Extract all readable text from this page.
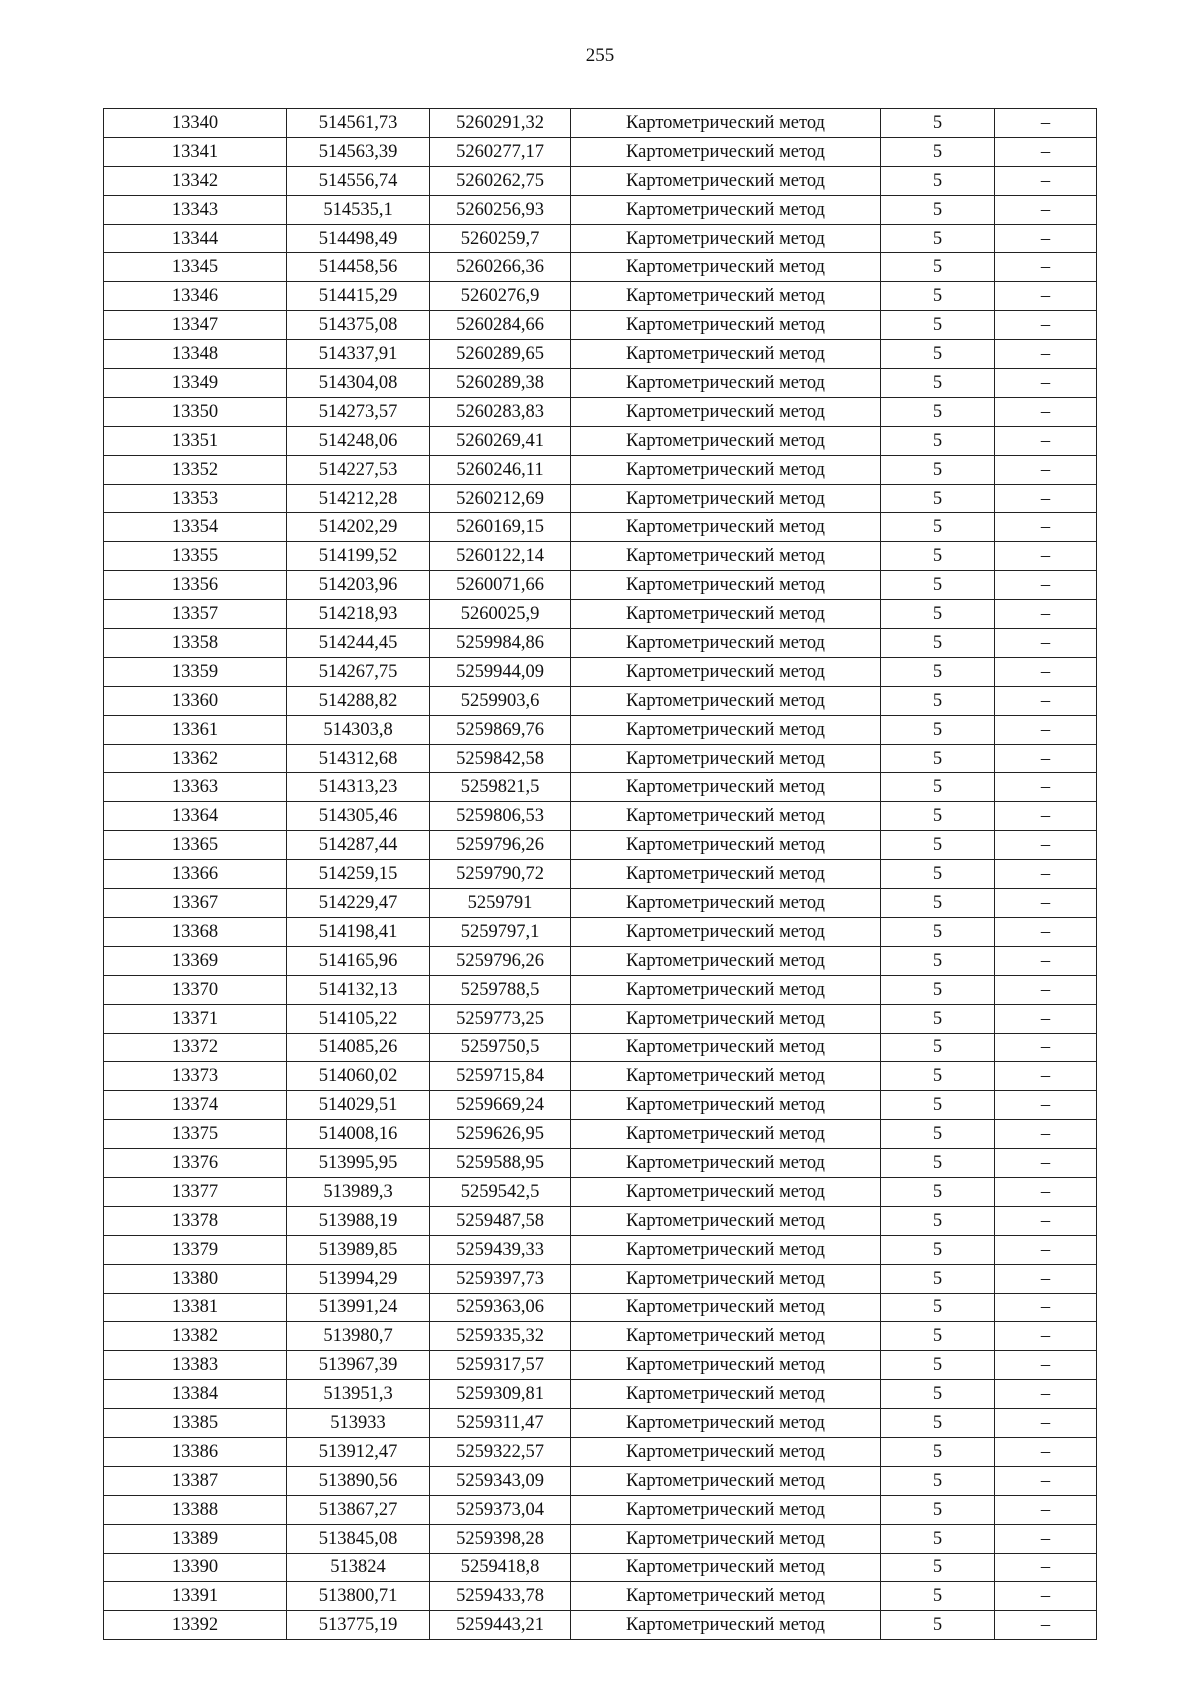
255
13340	514561,73	5260291,32	Картометрический метод	5	–
13341	514563,39	5260277,17	Картометрический метод	5	–
13342	514556,74	5260262,75	Картометрический метод	5	–
13343	514535,1	5260256,93	Картометрический метод	5	–
13344	514498,49	5260259,7	Картометрический метод	5	–
13345	514458,56	5260266,36	Картометрический метод	5	–
13346	514415,29	5260276,9	Картометрический метод	5	–
13347	514375,08	5260284,66	Картометрический метод	5	–
13348	514337,91	5260289,65	Картометрический метод	5	–
13349	514304,08	5260289,38	Картометрический метод	5	–
13350	514273,57	5260283,83	Картометрический метод	5	–
13351	514248,06	5260269,41	Картометрический метод	5	–
13352	514227,53	5260246,11	Картометрический метод	5	–
13353	514212,28	5260212,69	Картометрический метод	5	–
13354	514202,29	5260169,15	Картометрический метод	5	–
13355	514199,52	5260122,14	Картометрический метод	5	–
13356	514203,96	5260071,66	Картометрический метод	5	–
13357	514218,93	5260025,9	Картометрический метод	5	–
13358	514244,45	5259984,86	Картометрический метод	5	–
13359	514267,75	5259944,09	Картометрический метод	5	–
13360	514288,82	5259903,6	Картометрический метод	5	–
13361	514303,8	5259869,76	Картометрический метод	5	–
13362	514312,68	5259842,58	Картометрический метод	5	–
13363	514313,23	5259821,5	Картометрический метод	5	–
13364	514305,46	5259806,53	Картометрический метод	5	–
13365	514287,44	5259796,26	Картометрический метод	5	–
13366	514259,15	5259790,72	Картометрический метод	5	–
13367	514229,47	5259791	Картометрический метод	5	–
13368	514198,41	5259797,1	Картометрический метод	5	–
13369	514165,96	5259796,26	Картометрический метод	5	–
13370	514132,13	5259788,5	Картометрический метод	5	–
13371	514105,22	5259773,25	Картометрический метод	5	–
13372	514085,26	5259750,5	Картометрический метод	5	–
13373	514060,02	5259715,84	Картометрический метод	5	–
13374	514029,51	5259669,24	Картометрический метод	5	–
13375	514008,16	5259626,95	Картометрический метод	5	–
13376	513995,95	5259588,95	Картометрический метод	5	–
13377	513989,3	5259542,5	Картометрический метод	5	–
13378	513988,19	5259487,58	Картометрический метод	5	–
13379	513989,85	5259439,33	Картометрический метод	5	–
13380	513994,29	5259397,73	Картометрический метод	5	–
13381	513991,24	5259363,06	Картометрический метод	5	–
13382	513980,7	5259335,32	Картометрический метод	5	–
13383	513967,39	5259317,57	Картометрический метод	5	–
13384	513951,3	5259309,81	Картометрический метод	5	–
13385	513933	5259311,47	Картометрический метод	5	–
13386	513912,47	5259322,57	Картометрический метод	5	–
13387	513890,56	5259343,09	Картометрический метод	5	–
13388	513867,27	5259373,04	Картометрический метод	5	–
13389	513845,08	5259398,28	Картометрический метод	5	–
13390	513824	5259418,8	Картометрический метод	5	–
13391	513800,71	5259433,78	Картометрический метод	5	–
13392	513775,19	5259443,21	Картометрический метод	5	–
